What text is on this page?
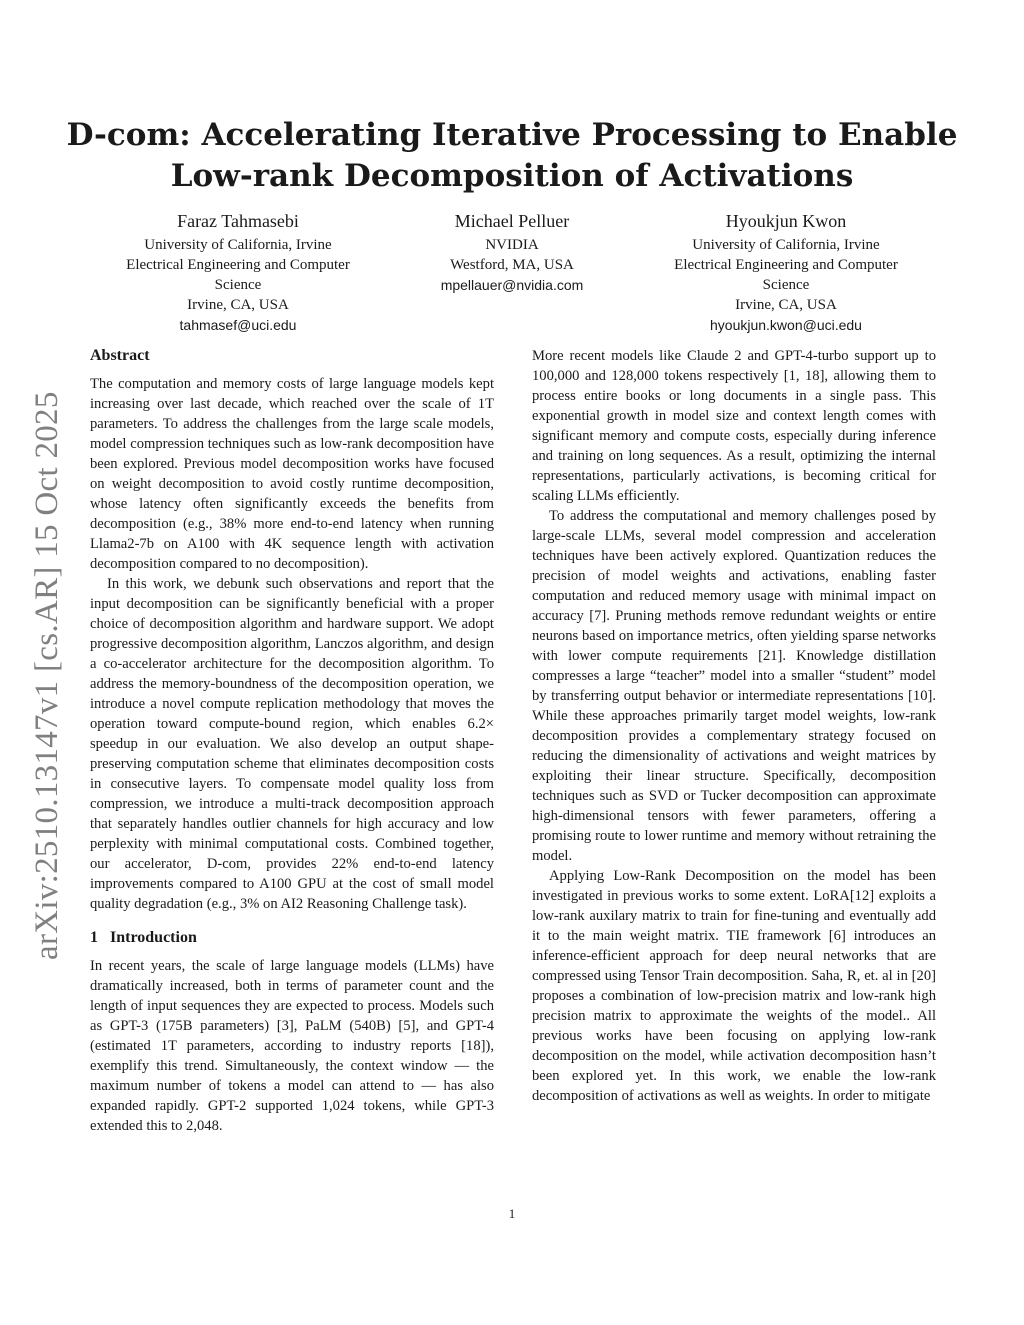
arXiv:2510.13147v1 [cs.AR] 15 Oct 2025
D-com: Accelerating Iterative Processing to Enable
Low-rank Decomposition of Activations
Faraz Tahmasebi
University of California, Irvine
Electrical Engineering and Computer
Science
Irvine, CA, USA
tahmasef@uci.edu
Michael Pelluer
NVIDIA
Westford, MA, USA
mpellauer@nvidia.com
Hyoukjun Kwon
University of California, Irvine
Electrical Engineering and Computer
Science
Irvine, CA, USA
hyoukjun.kwon@uci.edu

Abstract

The computation and memory costs of large language models kept increasing over last decade, which reached over the scale of 1T parameters. To address the challenges from the large scale models, model compression techniques such as low-rank decomposition have been explored. Previous model decomposition works have focused on weight decomposition to avoid costly runtime decomposition, whose latency often significantly exceeds the benefits from decomposition (e.g., 38% more end-to-end latency when running Llama2-7b on A100 with 4K sequence length with activation decomposition compared to no decomposition).

In this work, we debunk such observations and report that the input decomposition can be significantly beneficial with a proper choice of decomposition algorithm and hardware support. We adopt progressive decomposition algorithm, Lanczos algorithm, and design a co-accelerator architecture for the decomposition algorithm. To address the memory-boundness of the decomposition operation, we introduce a novel compute replication methodology that moves the operation toward compute-bound region, which enables 6.2× speedup in our evaluation. We also develop an output shape-preserving computation scheme that eliminates decomposition costs in consecutive layers. To compensate model quality loss from compression, we introduce a multi-track decomposition approach that separately handles outlier channels for high accuracy and low perplexity with minimal computational costs. Combined together, our accelerator, D-com, provides 22% end-to-end latency improvements compared to A100 GPU at the cost of small model quality degradation (e.g., 3% on AI2 Reasoning Challenge task).

1 Introduction

In recent years, the scale of large language models (LLMs) have dramatically increased, both in terms of parameter count and the length of input sequences they are expected to process. Models such as GPT-3 (175B parameters) [3], PaLM (540B) [5], and GPT-4 (estimated 1T parameters, according to industry reports [18]), exemplify this trend. Simultaneously, the context window — the maximum number of tokens a model can attend to — has also expanded rapidly. GPT-2 supported 1,024 tokens, while GPT-3 extended this to 2,048.

More recent models like Claude 2 and GPT-4-turbo support up to 100,000 and 128,000 tokens respectively [1, 18], allowing them to process entire books or long documents in a single pass. This exponential growth in model size and context length comes with significant memory and compute costs, especially during inference and training on long sequences. As a result, optimizing the internal representations, particularly activations, is becoming critical for scaling LLMs efficiently.

To address the computational and memory challenges posed by large-scale LLMs, several model compression and acceleration techniques have been actively explored. Quantization reduces the precision of model weights and activations, enabling faster computation and reduced memory usage with minimal impact on accuracy [7]. Pruning methods remove redundant weights or entire neurons based on importance metrics, often yielding sparse networks with lower compute requirements [21]. Knowledge distillation compresses a large “teacher” model into a smaller “student” model by transferring output behavior or intermediate representations [10]. While these approaches primarily target model weights, low-rank decomposition provides a complementary strategy focused on reducing the dimensionality of activations and weight matrices by exploiting their linear structure. Specifically, decomposition techniques such as SVD or Tucker decomposition can approximate high-dimensional tensors with fewer parameters, offering a promising route to lower runtime and memory without retraining the model.

Applying Low-Rank Decomposition on the model has been investigated in previous works to some extent. LoRA[12] exploits a low-rank auxilary matrix to train for fine-tuning and eventually add it to the main weight matrix. TIE framework [6] introduces an inference-efficient approach for deep neural networks that are compressed using Tensor Train decomposition. Saha, R, et. al in [20] proposes a combination of low-precision matrix and low-rank high precision matrix to approximate the weights of the model.. All previous works have been focusing on applying low-rank decomposition on the model, while activation decomposition hasn’t been explored yet. In this work, we enable the low-rank decomposition of activations as well as weights. In order to mitigate

1
